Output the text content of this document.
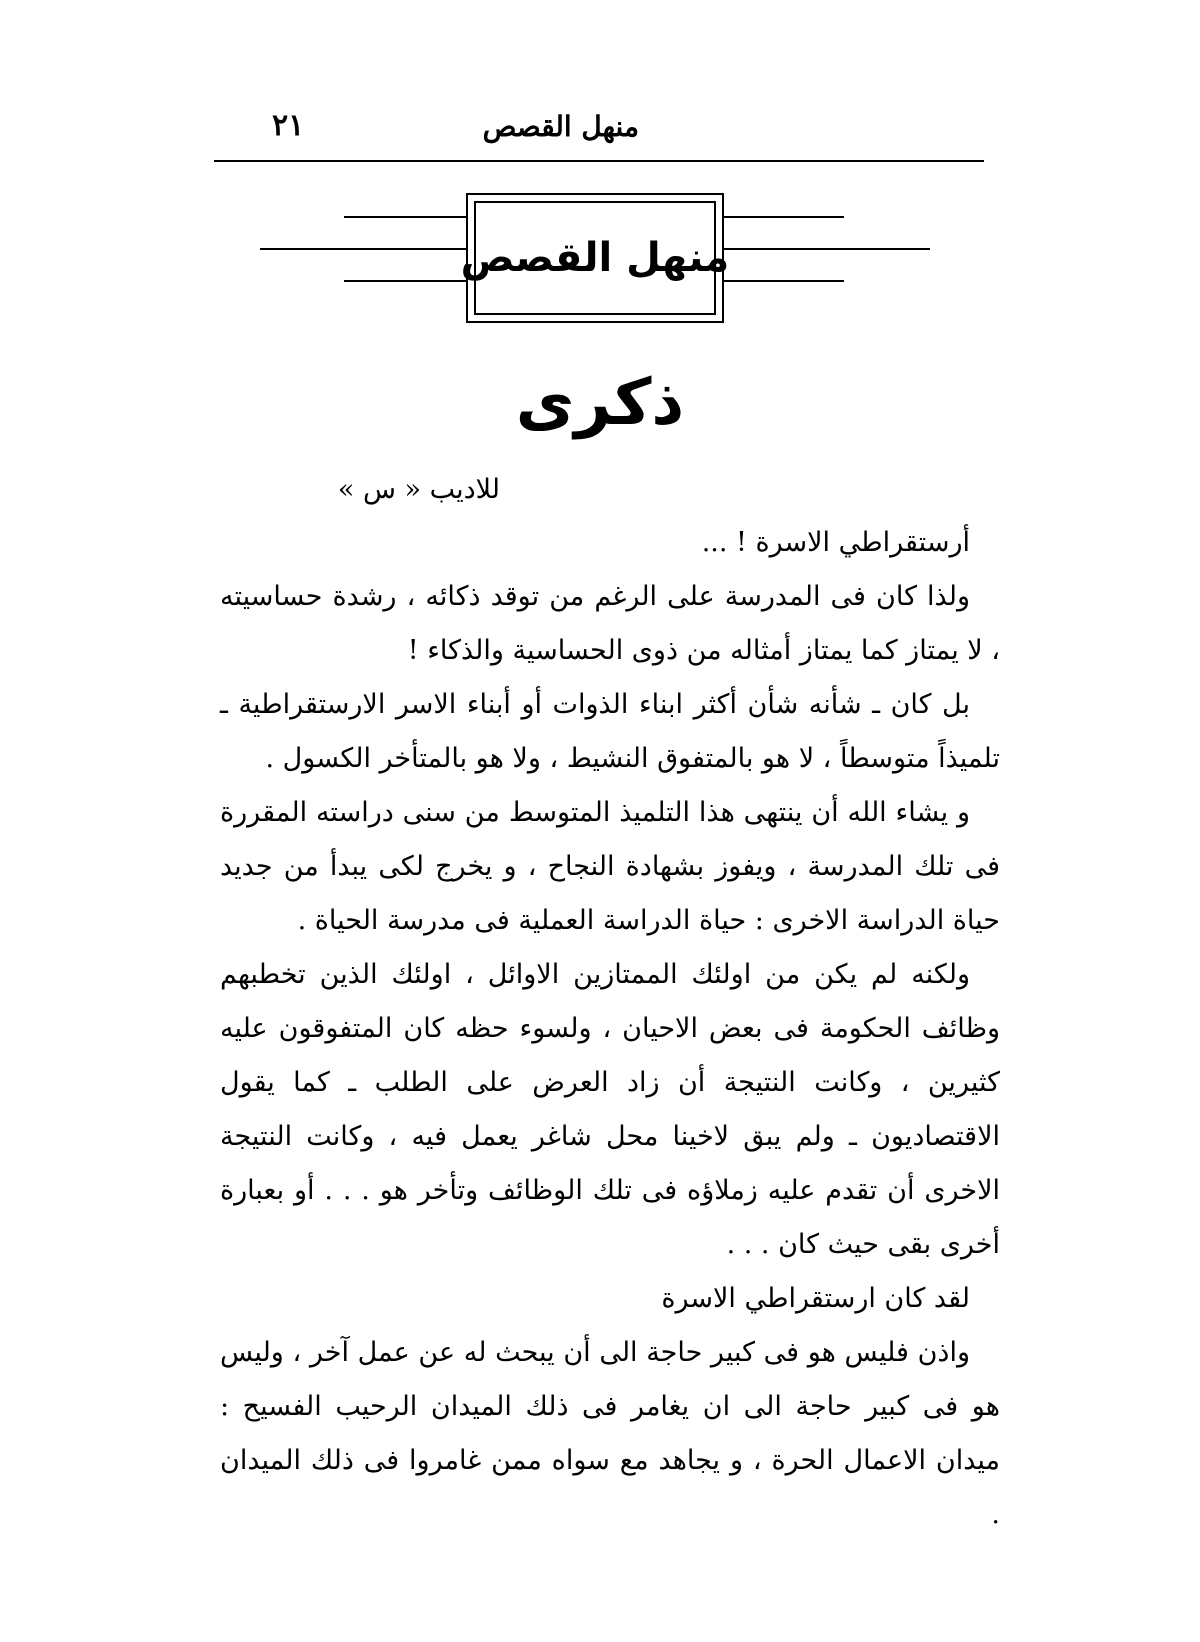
منهل القصص
٢١
منهل القصص
ذكرى
للاديب « س »

أرستقراطي الاسرة ! ...

ولذا كان فى المدرسة على الرغم من توقد ذكائه ، رشدة حساسيته ، لا يمتاز كما يمتاز أمثاله من ذوى الحساسية والذكاء !

بل كان ـ شأنه شأن أكثر ابناء الذوات أو أبناء الاسر الارستقراطية ـ تلميذاً متوسطاً ، لا هو بالمتفوق النشيط ، ولا هو بالمتأخر الكسول .

و يشاء الله أن ينتهى هذا التلميذ المتوسط من سنى دراسته المقررة فى تلك المدرسة ، ويفوز بشهادة النجاح ، و يخرج لكى يبدأ من جديد حياة الدراسة الاخرى : حياة الدراسة العملية فى مدرسة الحياة .

ولكنه لم يكن من اولئك الممتازين الاوائل ، اولئك الذين تخطبهم وظائف الحكومة فى بعض الاحيان ، ولسوء حظه كان المتفوقون عليه كثيرين ، وكانت النتيجة أن زاد العرض على الطلب ـ كما يقول الاقتصاديون ـ ولم يبق لاخينا محل شاغر يعمل فيه ، وكانت النتيجة الاخرى أن تقدم عليه زملاؤه فى تلك الوظائف وتأخر هو . . . أو بعبارة أخرى بقى حيث كان . . .

لقد كان ارستقراطي الاسرة

واذن فليس هو فى كبير حاجة الى أن يبحث له عن عمل آخر ، وليس هو فى كبير حاجة الى ان يغامر فى ذلك الميدان الرحيب الفسيح : ميدان الاعمال الحرة ، و يجاهد مع سواه ممن غامروا فى ذلك الميدان .
